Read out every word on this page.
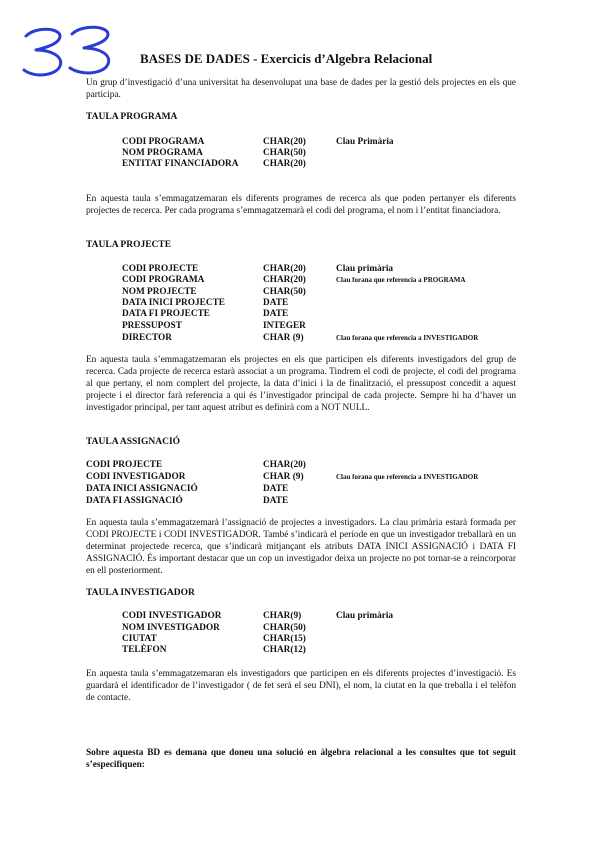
BASES DE DADES - Exercicis d’Algebra Relacional

Un grup d’investigació d’una universitat ha desenvolupat una base de dades per la gestió dels projectes en els que participa.

TAULA PROGRAMA
CODI PROGRAMA	CHAR(20)	Clau Primària
NOM PROGRAMA	CHAR(50)
ENTITAT FINANCIADORA	CHAR(20)

En aquesta taula s’emmagatzemaran els diferents programes de recerca als que poden pertanyer els diferents projectes de recerca. Per cada programa s’emmagatzemarà el codi del programa, el nom i l’entitat financiadora.

TAULA PROJECTE
CODI PROJECTE	CHAR(20)	Clau primària
CODI PROGRAMA	CHAR(20)	Clau forana que referencia a PROGRAMA
NOM PROJECTE	CHAR(50)
DATA INICI PROJECTE	DATE
DATA FI PROJECTE	DATE
PRESSUPOST	INTEGER
DIRECTOR	CHAR (9)	Clau forana que referencia a INVESTIGADOR

En aquesta taula s’emmagatzemaran els projectes en els que participen els diferents investigadors del grup de recerca. Cada projecte de recerca estarà associat a un programa. Tindrem el codi de projecte, el codi del programa al que pertany, el nom complert del projecte, la data d’inici i la de finalització, el pressupost concedit a aquest projecte i el director farà referencia a qui és l’investigador principal de cada projecte. Sempre hi ha d’haver un investigador principal, per tant aquest atribut es definirà com a NOT NULL.

TAULA ASSIGNACIÓ
CODI PROJECTE	CHAR(20)
CODI INVESTIGADOR	CHAR (9)	Clau forana que referencia a INVESTIGADOR
DATA INICI ASSIGNACIÓ	DATE
DATA FI ASSIGNACIÓ	DATE

En aquesta taula s’emmagatzemarà l’assignació de projectes a investigadors. La clau primària estarà formada per CODI PROJECTE i CODI INVESTIGADOR. També s’indicarà el període en que un investigador treballarà en un determinat projectede recerca, que s’indicarà mitjançant els atributs DATA INICI ASSIGNACIÓ i DATA FI ASSIGNACIÓ. És important destacar que un cop un investigador deixa un projecte no pot tornar-se a reincorporar en ell posteriorment.

TAULA INVESTIGADOR
CODI INVESTIGADOR	CHAR(9)	Clau primària
NOM INVESTIGADOR	CHAR(50)
CIUTAT	CHAR(15)
TELÈFON	CHAR(12)

En aquesta taula s’emmagatzemaran els investigadors que participen en els diferents projectes d’investigació. Es guardarà el identificador de l’investigador ( de fet serà el seu DNI), el nom, la ciutat en la que treballa i el telèfon de contacte.

Sobre aquesta BD es demana que doneu una solució en àlgebra relacional a les consultes que tot seguit s’especifiquen:
